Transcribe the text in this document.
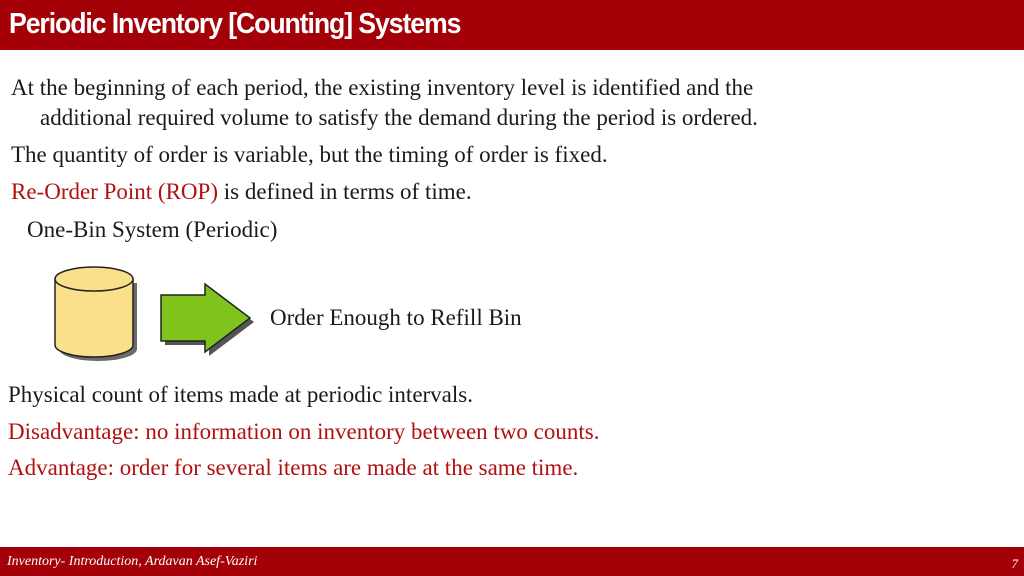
Periodic Inventory [Counting] Systems

At the beginning of each period, the existing inventory level is identified and the
additional required volume to satisfy the demand during the period is ordered.

The quantity of order is variable, but the timing of order is fixed.

Re-Order Point (ROP) is defined in terms of time.

One-Bin System (Periodic)

Order Enough to Refill Bin

Physical count of items made at periodic intervals.

Disadvantage: no information on inventory between two counts.

Advantage: order for several items are made at the same time.

Inventory- Introduction, Ardavan Asef-Vaziri	7
